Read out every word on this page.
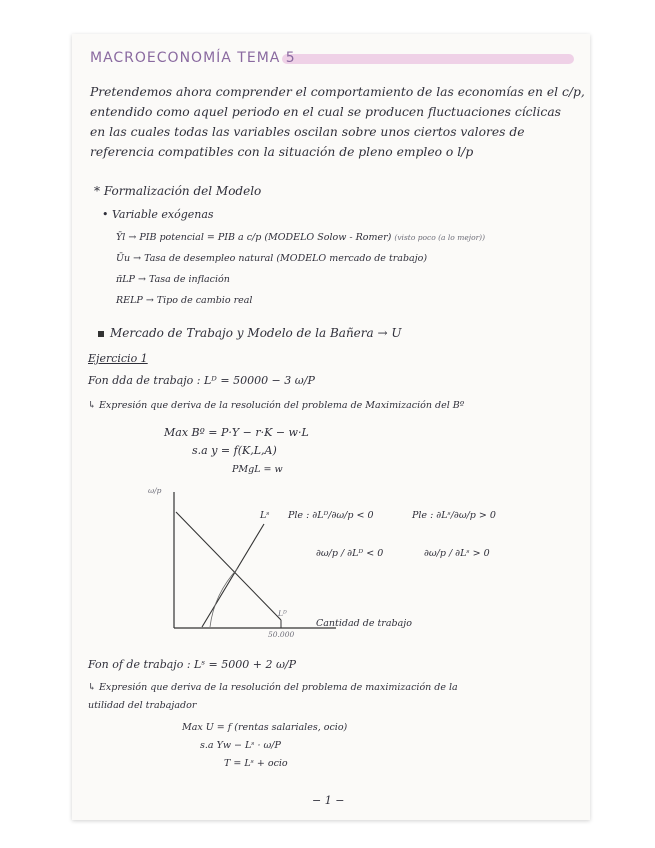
MACROECONOMÍA TEMA 5
Pretendemos ahora comprender el comportamiento de las economías en el c/p,
entendido como aquel periodo en el cual se producen fluctuaciones cíclicas
en las cuales todas las variables oscilan sobre unos ciertos valores de
referencia compatibles con la situación de pleno empleo o l/p
* Formalización del Modelo
• Variable exógenas
Ȳl → PIB potencial = PIB a c/p (MODELO Solow - Romer) (visto poco (a lo mejor))
Ūu → Tasa de desempleo natural (MODELO mercado de trabajo)
π̄LP → Tasa de inflación
RELP → Tipo de cambio real
Mercado de Trabajo y Modelo de la Bañera → U
Ejercicio 1
Fon dda de trabajo : Lᴰ = 50000 − 3 ω/P
↳ Expresión que deriva de la resolución del problema de Maximización del Bº
Max Bº = P·Y − r·K − w·L
s.a y = f(K,L,A)
PMgL = w
ω/p
Lˢ
Lᴰ
50.000
Cantidad de trabajo
Ple : ∂Lᴰ/∂ω/p < 0
∂ω/p / ∂Lᴰ < 0
Ple : ∂Lˢ/∂ω/p > 0
∂ω/p / ∂Lˢ > 0
Fon of de trabajo : Lˢ = 5000 + 2 ω/P
↳ Expresión que deriva de la resolución del problema de maximización de la
utilidad del trabajador
Max U = f (rentas salariales, ocio)
s.a Yw − Lˢ · ω/P
T = Lˢ + ocio
− 1 −
